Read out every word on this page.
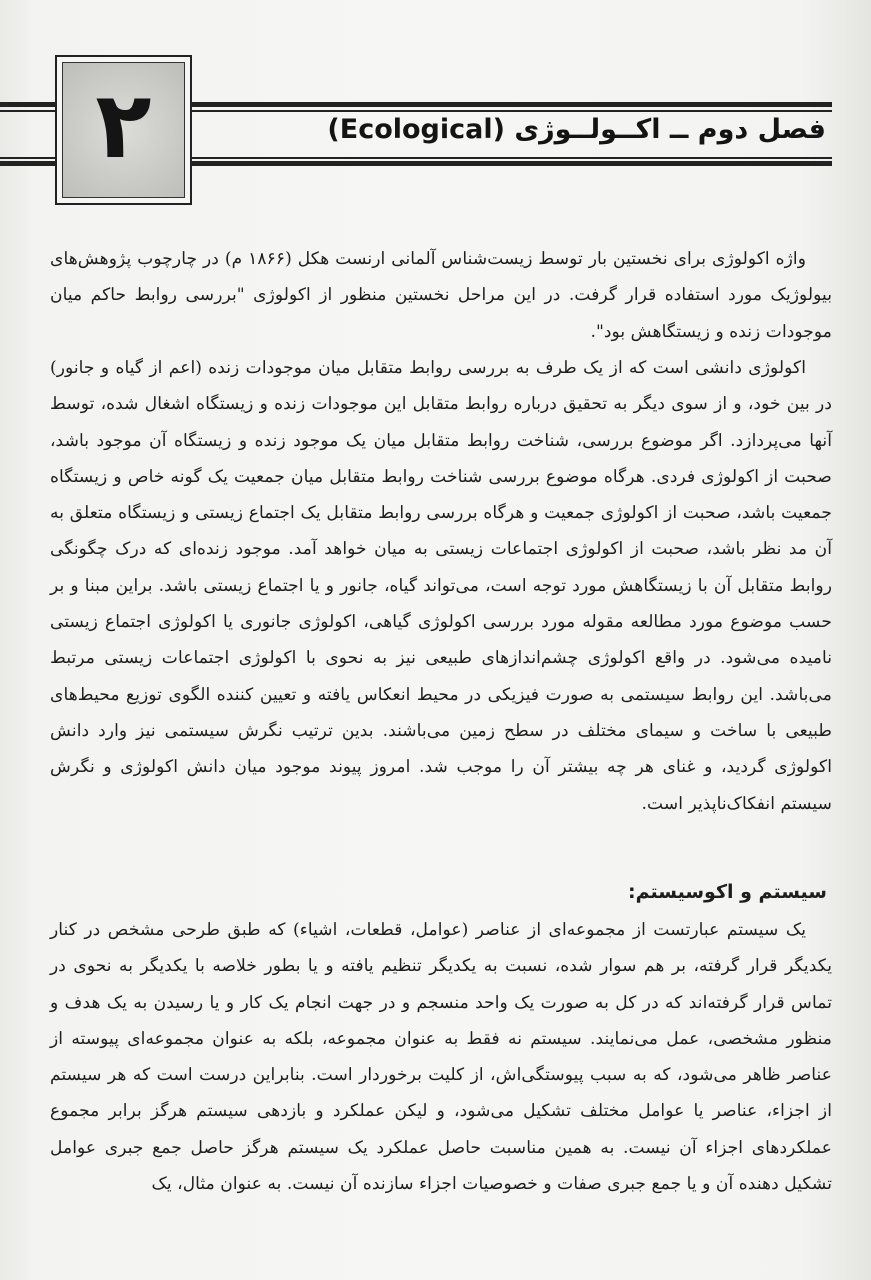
۲	فصل دوم ــ اکــولــوژی (Ecological)

واژه اکولوژی برای نخستین بار توسط زیست‌شناس آلمانی ارنست هکل (۱۸۶۶ م) در چارچوب پژوهش‌های بیولوژیک مورد استفاده قرار گرفت. در این مراحل نخستین منظور از اکولوژی "بررسی روابط حاکم میان موجودات زنده و زیستگاهش بود".

اکولوژی دانشی است که از یک طرف به بررسی روابط متقابل میان موجودات زنده (اعم از گیاه و جانور) در بین خود، و از سوی دیگر به تحقیق درباره روابط متقابل این موجودات زنده و زیستگاه اشغال شده، توسط آنها می‌پردازد. اگر موضوع بررسی، شناخت روابط متقابل میان یک موجود زنده و زیستگاه آن موجود باشد، صحبت از اکولوژی فردی. هرگاه موضوع بررسی شناخت روابط متقابل میان جمعیت یک گونه خاص و زیستگاه جمعیت باشد، صحبت از اکولوژی جمعیت و هرگاه بررسی روابط متقابل یک اجتماع زیستی و زیستگاه متعلق به آن مد نظر باشد، صحبت از اکولوژی اجتماعات زیستی به میان خواهد آمد. موجود زنده‌ای که درک چگونگی روابط متقابل آن با زیستگاهش مورد توجه است، می‌تواند گیاه، جانور و یا اجتماع زیستی باشد. براین مبنا و بر حسب موضوع مورد مطالعه مقوله مورد بررسی اکولوژی گیاهی، اکولوژی جانوری یا اکولوژی اجتماع زیستی نامیده می‌شود. در واقع اکولوژی چشم‌اندازهای طبیعی نیز به نحوی با اکولوژی اجتماعات زیستی مرتبط می‌باشد. این روابط سیستمی به صورت فیزیکی در محیط انعکاس یافته و تعیین کننده الگوی توزیع محیط‌های طبیعی با ساخت و سیمای مختلف در سطح زمین می‌باشند. بدین ترتیب نگرش سیستمی نیز وارد دانش اکولوژی گردید، و غنای هر چه بیشتر آن را موجب شد. امروز پیوند موجود میان دانش اکولوژی و نگرش سیستم انفکاک‌ناپذیر است.

سیستم و اکوسیستم:

یک سیستم عبارتست از مجموعه‌ای از عناصر (عوامل، قطعات، اشیاء) که طبق طرحی مشخص در کنار یکدیگر قرار گرفته، بر هم سوار شده، نسبت به یکدیگر تنظیم یافته و یا بطور خلاصه با یکدیگر به نحوی در تماس قرار گرفته‌اند که در کل به صورت یک واحد منسجم و در جهت انجام یک کار و یا رسیدن به یک هدف و منظور مشخصی، عمل می‌نمایند. سیستم نه فقط به عنوان مجموعه، بلکه به عنوان مجموعه‌ای پیوسته از عناصر ظاهر می‌شود، که به سبب پیوستگی‌اش، از کلیت برخوردار است. بنابراین درست است که هر سیستم از اجزاء، عناصر یا عوامل مختلف تشکیل می‌شود، و لیکن عملکرد و بازدهی سیستم هرگز برابر مجموع عملکردهای اجزاء آن نیست. به همین مناسبت حاصل عملکرد یک سیستم هرگز حاصل جمع جبری عوامل تشکیل دهنده آن و یا جمع جبری صفات و خصوصیات اجزاء سازنده آن نیست. به عنوان مثال، یک
